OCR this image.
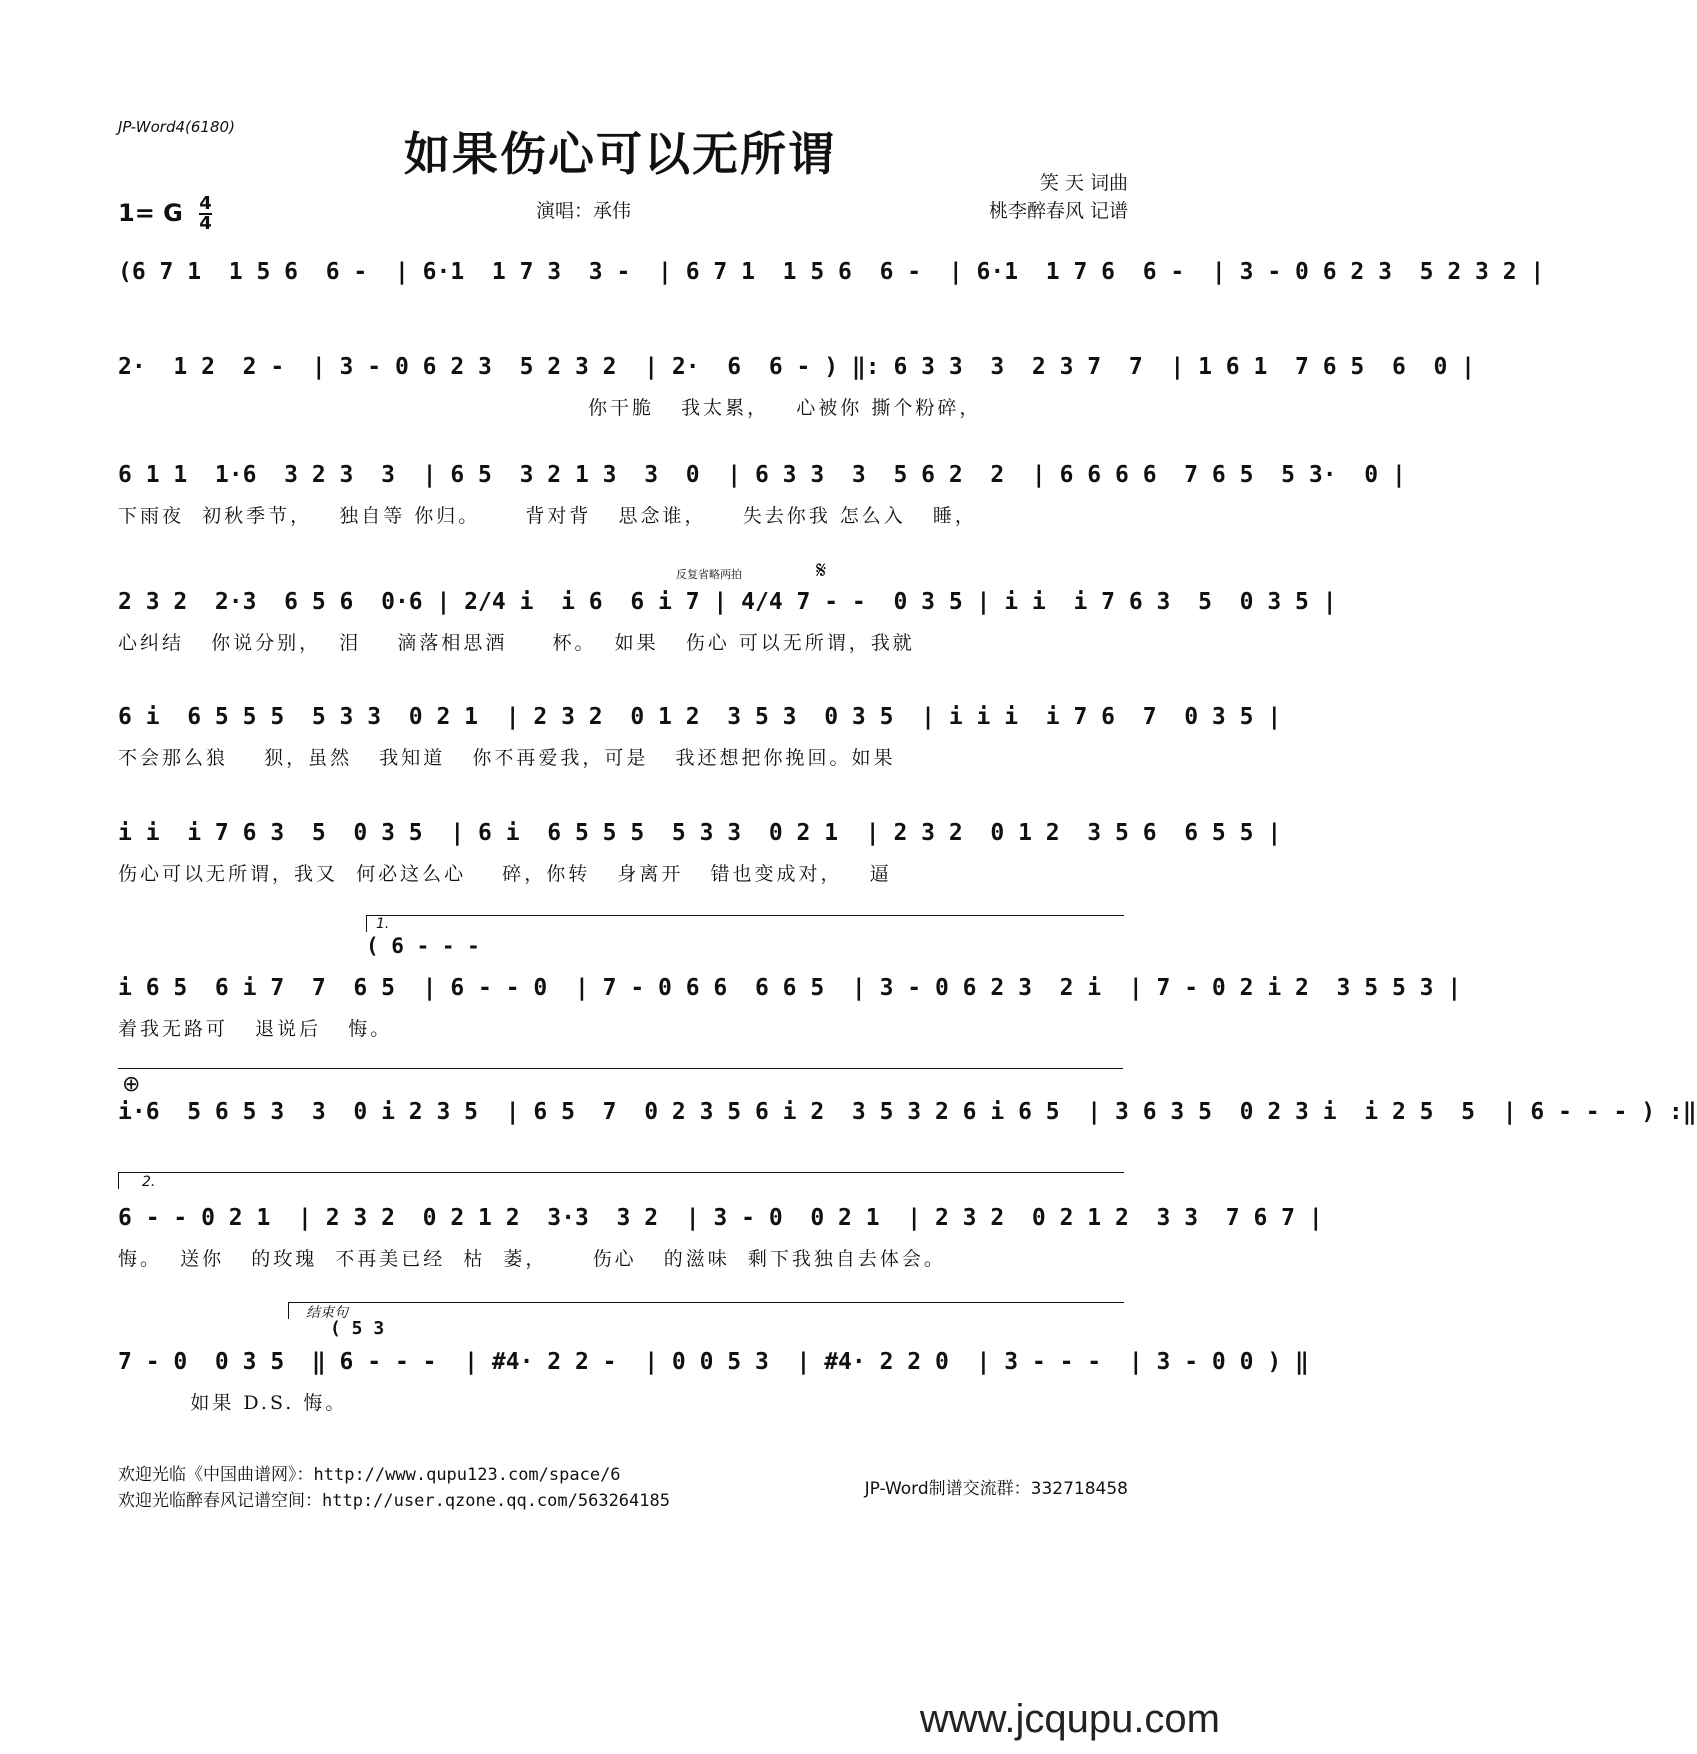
JP-Word4(6180)	如果伤心可以无所谓
笑 天 词曲
桃李醉春风 记谱
1= G $\frac{4}{4}$	演唱：承伟
(6 7 1  1 5 6  6 -  | 6·1  1 7 3  3 -  | 6 7 1  1 5 6  6 -  | 6·1  1 7 6  6 -  | 3 - 0 6 2 3  5 2 3 2 |
2·  1 2  2 -  | 3 - 0 6 2 3  5 2 3 2  | 2·  6  6 - ) ‖: 6 3 3  3  2 3 7  7  | 1 6 1  7 6 5  6  0 |
你干脆   我太累，   心被你 撕个粉碎，
6 1 1  1·6  3 2 3  3  | 6 5  3 2 1 3  3  0  | 6 3 3  3  5 6 2  2  | 6 6 6 6  7 6 5  5 3·  0 |
下雨夜  初秋季节，   独自等 你归。     背对背   思念谁，    失去你我 怎么入   睡，
反复省略两拍	𝄋
2 3 2  2·3  6 5 6  0·6 | 2/4 i  i 6  6 i 7 | 4/4 7 - -  0 3 5 | i i  i 7 6 3  5  0 3 5 |
心纠结   你说分别，  泪    滴落相思酒     杯。  如果   伤心 可以无所谓，我就
6 i  6 5 5 5  5 3 3  0 2 1  | 2 3 2  0 1 2  3 5 3  0 3 5  | i i i  i 7 6  7  0 3 5 |
不会那么狼    狈，虽然   我知道   你不再爱我，可是   我还想把你挽回。如果
i i  i 7 6 3  5  0 3 5  | 6 i  6 5 5 5  5 3 3  0 2 1  | 2 3 2  0 1 2  3 5 6  6 5 5 |
伤心可以无所谓，我又  何必这么心    碎，你转   身离开   错也变成对，   逼
1.
( 6 - - -
i 6 5  6 i 7  7  6 5  | 6 - - 0  | 7 - 0 6 6  6 6 5  | 3 - 0 6 2 3  2 i  | 7 - 0 2 i 2  3 5 5 3 |
着我无路可   退说后   悔。
⊕
i·6  5 6 5 3  3  0 i 2 3 5  | 6 5  7  0 2 3 5 6 i 2  3 5 3 2 6 i 6 5  | 3 6 3 5  0 2 3 i  i 2 5  5  | 6 - - - ) :‖
2.
6 - - 0 2 1  | 2 3 2  0 2 1 2  3·3  3 2  | 3 - 0  0 2 1  | 2 3 2  0 2 1 2  3 3  7 6 7 |
悔。  送你   的玫瑰  不再美已经  枯  萎，     伤心   的滋味  剩下我独自去体会。
结束句
( 5 3
7 - 0  0 3 5  ‖ 6 - - -  | #4· 2 2 -  | 0 0 5 3  | #4· 2 2 0  | 3 - - -  | 3 - 0 0 ) ‖
如果 D.S. 悔。
欢迎光临《中国曲谱网》：http://www.qupu123.com/space/6
欢迎光临醉春风记谱空间：http://user.qzone.qq.com/563264185
JP-Word制谱交流群：332718458
www.jcqupu.com
